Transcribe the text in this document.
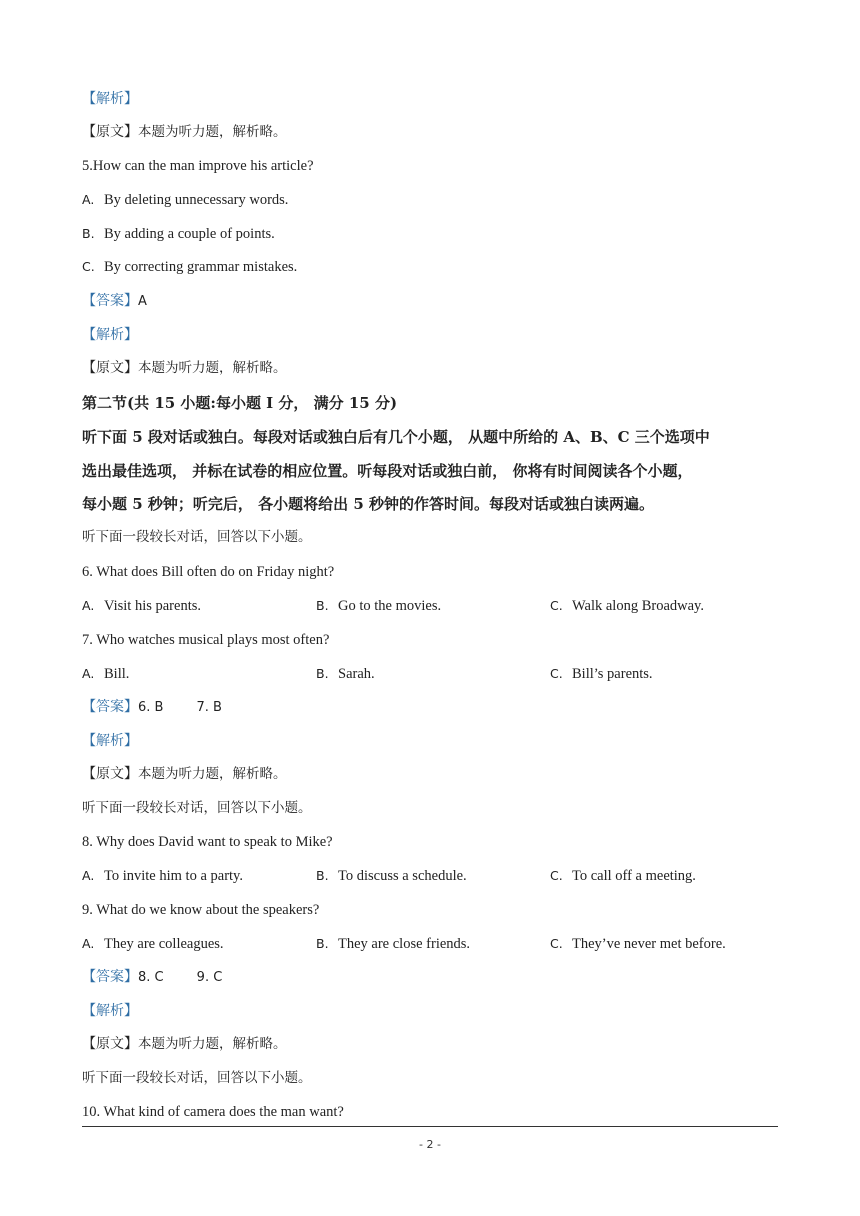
【解析】
【原文】本题为听力题，解析略。
5.How can the man improve his article?
A. By deleting unnecessary words.
B. By adding a couple of points.
C. By correcting grammar mistakes.
【答案】A
【解析】
【原文】本题为听力题，解析略。
第二节(共 15 小题:每小题 I 分， 满分 15 分)
听下面 5 段对话或独白。每段对话或独白后有几个小题， 从题中所给的 A、B、C 三个选项中
选出最佳选项， 并标在试卷的相应位置。听每段对话或独白前， 你将有时间阅读各个小题，
每小题 5 秒钟；听完后， 各小题将给出 5 秒钟的作答时间。每段对话或独白读两遍。
听下面一段较长对话，回答以下小题。
6. What does Bill often do on Friday night?
A. Visit his parents.	B. Go to the movies.	C. Walk along Broadway.
7. Who watches musical plays most often?
A. Bill.	B. Sarah.	C. Bill’s parents.
【答案】6. B        7. B
【解析】
【原文】本题为听力题，解析略。
听下面一段较长对话，回答以下小题。
8. Why does David want to speak to Mike?
A. To invite him to a party.	B. To discuss a schedule.	C. To call off a meeting.
9. What do we know about the speakers?
A. They are colleagues.	B. They are close friends.	C. They’ve never met before.
【答案】8. C        9. C
【解析】
【原文】本题为听力题，解析略。
听下面一段较长对话，回答以下小题。
10. What kind of camera does the man want?
- 2 -
